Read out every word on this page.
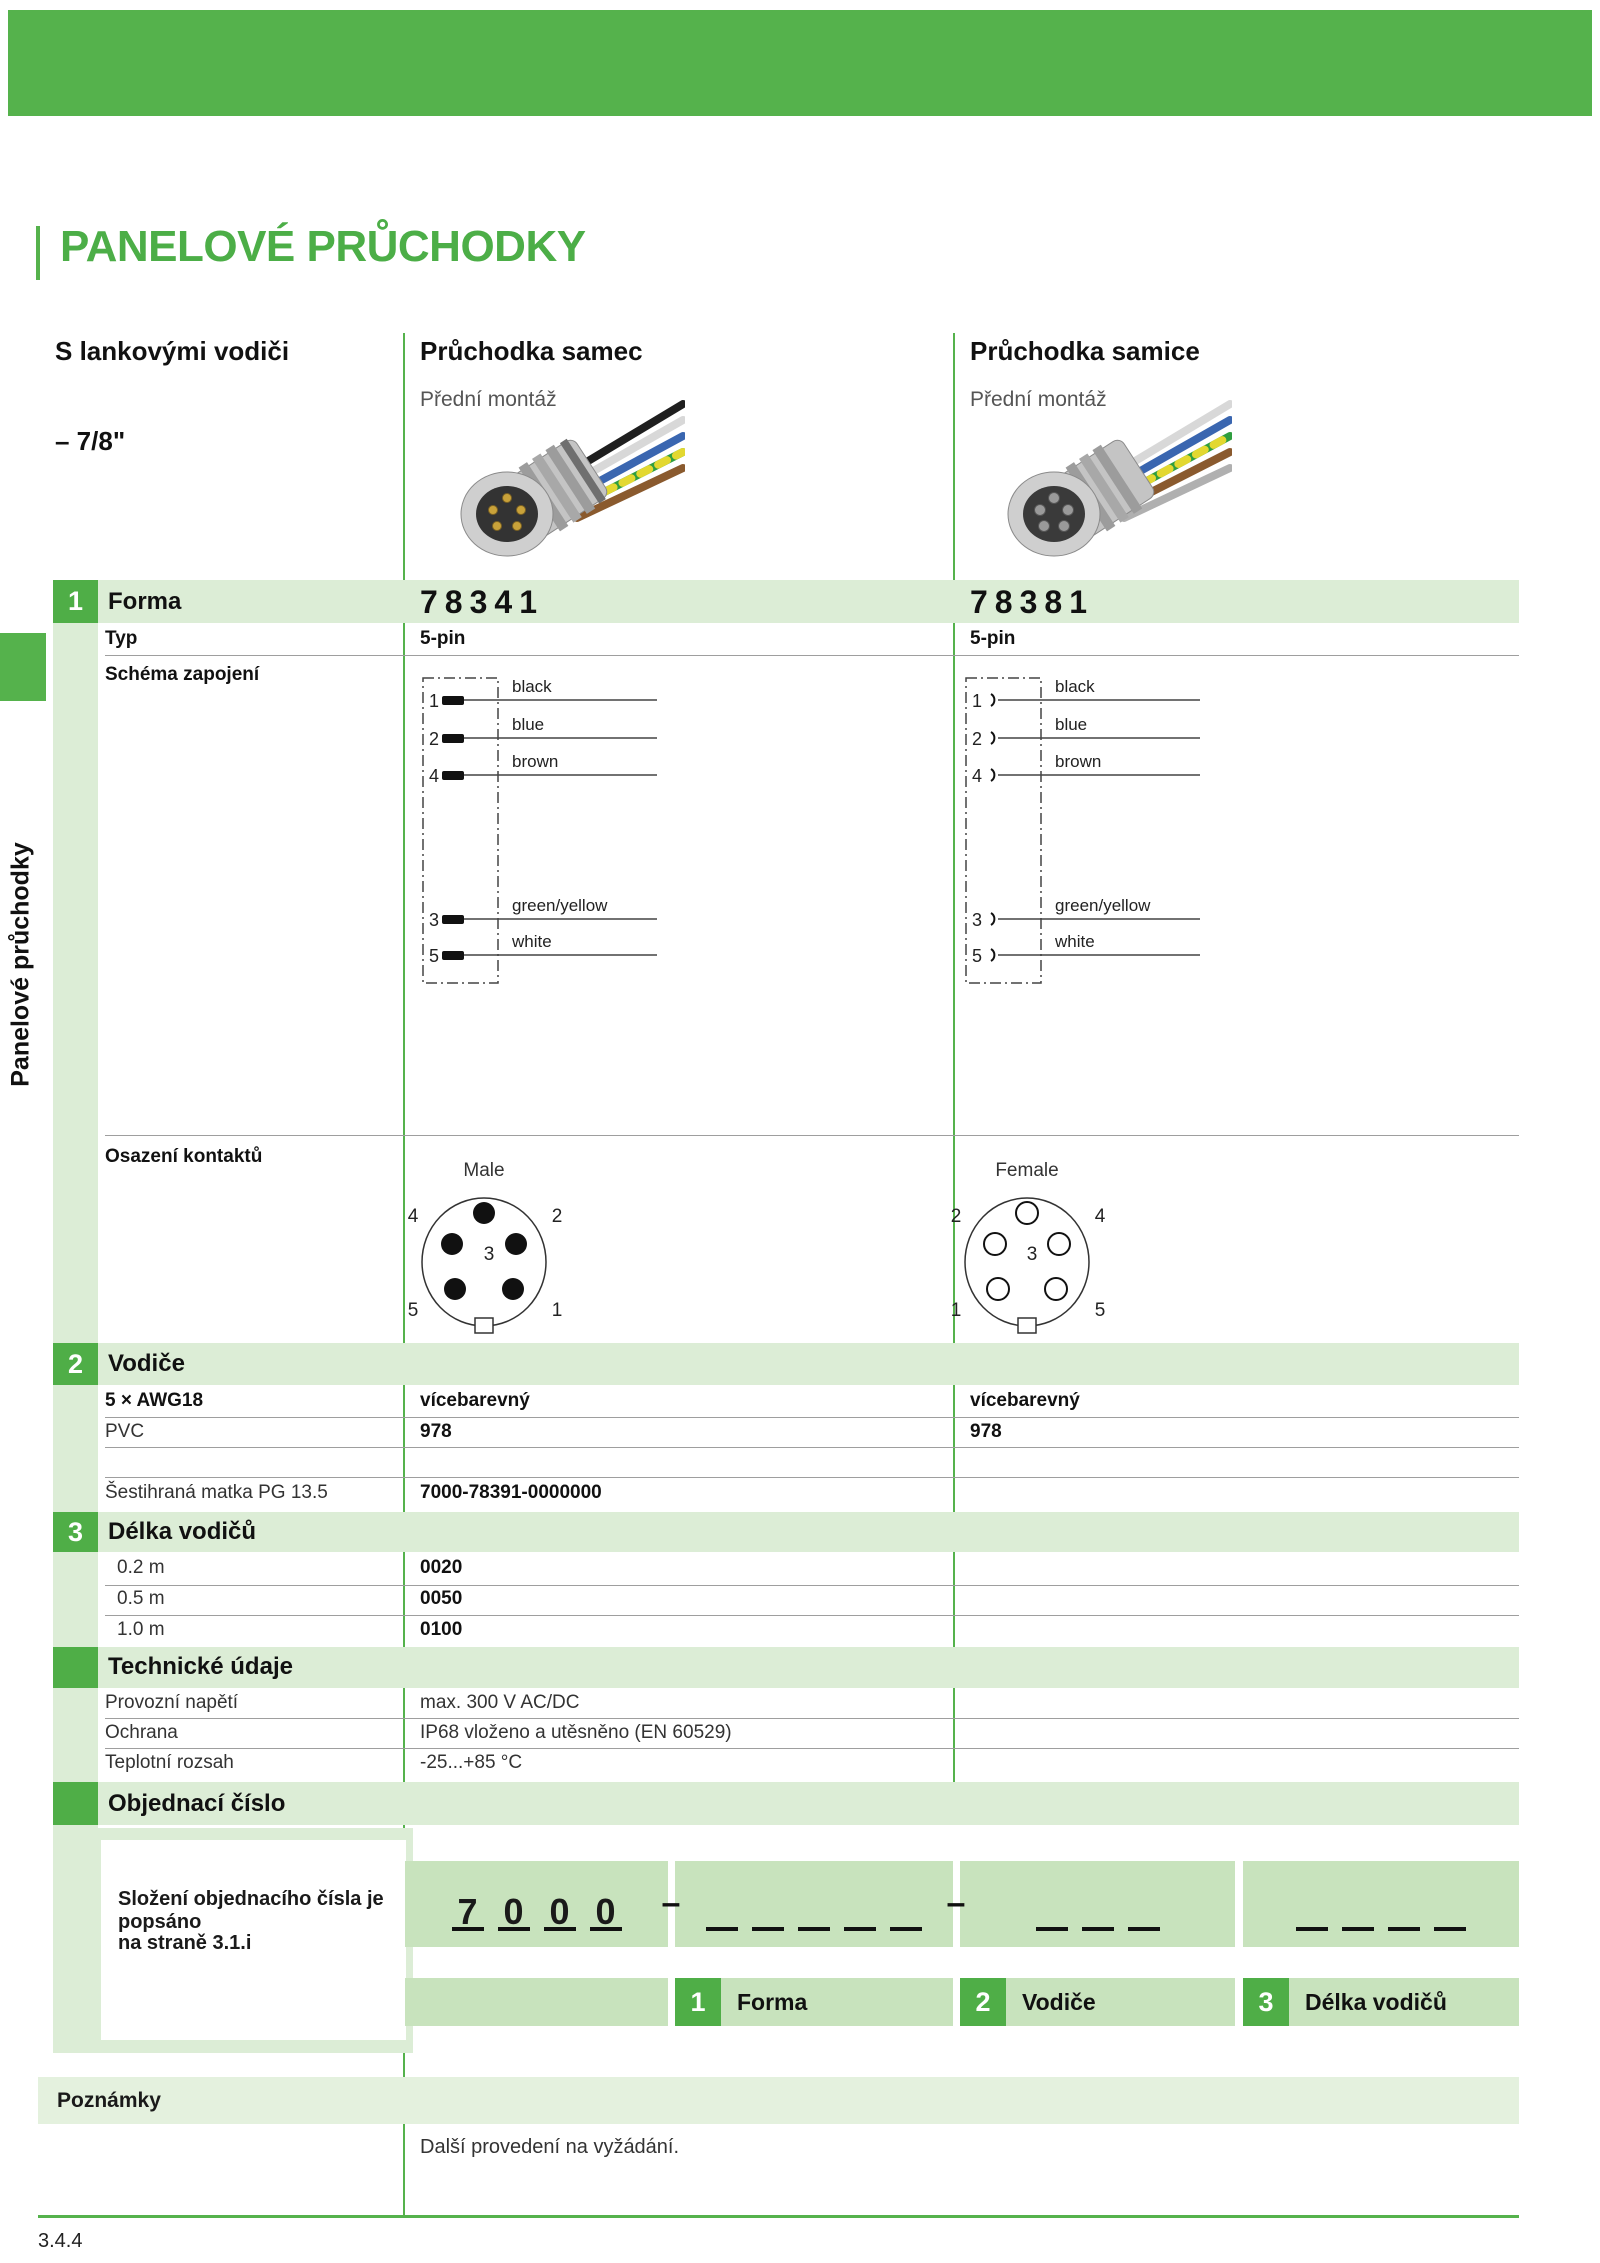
Panelové průchodky
PANELOVÉ PRŮCHODKY
S lankovými vodiči
– 7/8"
Průchodka samec
Přední montáž
Průchodka samice
Přední montáž
1	Forma	78341	78381
Typ	5-pin	5-pin
Schéma zapojení
1
2
4
3
5
black
blue
brown
green/yellow
white
1
2
4
3
5
black
blue
brown
green/yellow
white
Osazení kontaktů
Male
3
4	2
5	1
Female
3
2	4
1	5
2	Vodiče
5 × AWG18	vícebarevný	vícebarevný
PVC	978	978
Šestihraná matka PG 13.5	7000-78391-0000000
3	Délka vodičů
0.2 m	0020
0.5 m	0050
1.0 m	0100
Technické údaje
Provozní napětí	max. 300 V AC/DC
Ochrana	IP68 vloženo a utěsněno (EN 60529)
Teplotní rozsah	-25...+85 °C
Objednací číslo
Složení objednacího čísla je popsáno
na straně 3.1.i
7 0 0 0 –	–
1	Forma	2	Vodiče	3	Délka vodičů
Poznámky
Další provedení na vyžádání.
3.4.4
